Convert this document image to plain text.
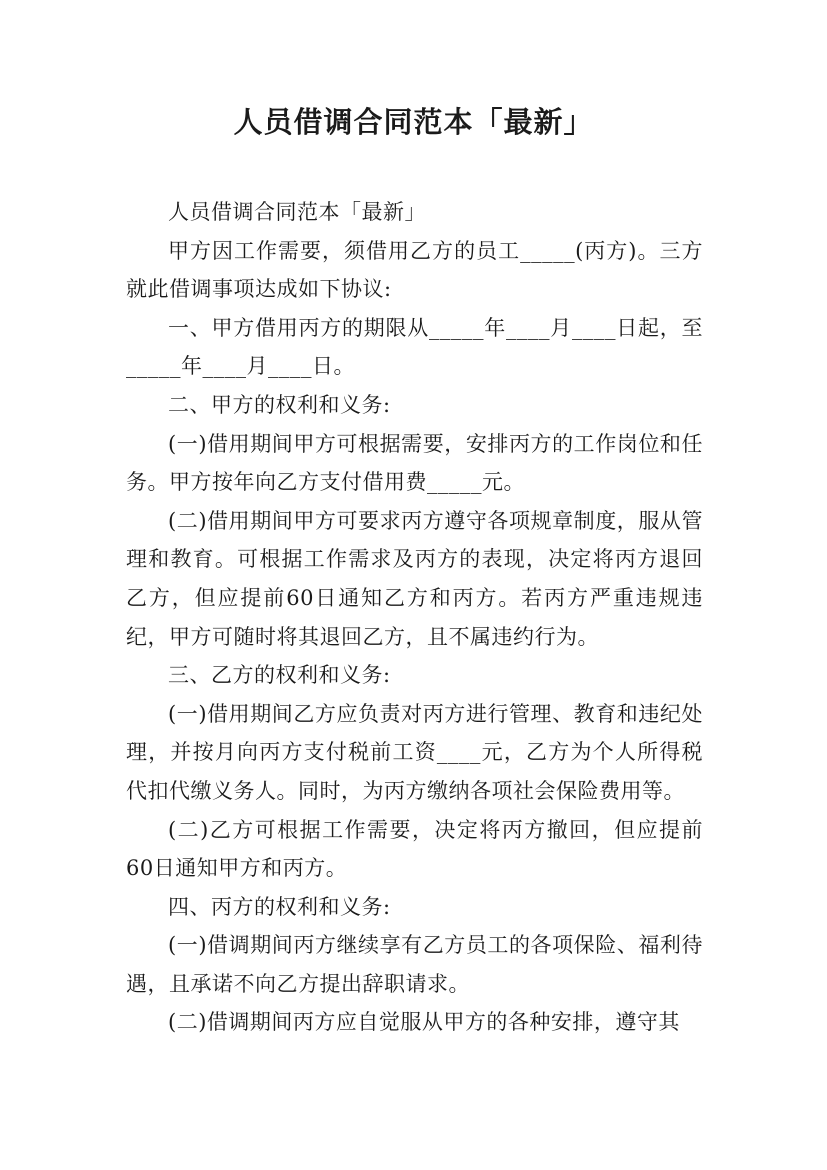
人员借调合同范本「最新」

人员借调合同范本「最新」

甲方因工作需要，须借用乙方的员工_____(丙方)。三方就此借调事项达成如下协议:

一、甲方借用丙方的期限从_____年____月____日起，至_____年____月____日。

二、甲方的权利和义务:

(一)借用期间甲方可根据需要，安排丙方的工作岗位和任务。甲方按年向乙方支付借用费_____元。

(二)借用期间甲方可要求丙方遵守各项规章制度，服从管理和教育。可根据工作需求及丙方的表现，决定将丙方退回乙方，但应提前60日通知乙方和丙方。若丙方严重违规违纪，甲方可随时将其退回乙方，且不属违约行为。

三、乙方的权利和义务:

(一)借用期间乙方应负责对丙方进行管理、教育和违纪处理，并按月向丙方支付税前工资____元，乙方为个人所得税代扣代缴义务人。同时，为丙方缴纳各项社会保险费用等。

(二)乙方可根据工作需要，决定将丙方撤回，但应提前60日通知甲方和丙方。

四、丙方的权利和义务:

(一)借调期间丙方继续享有乙方员工的各项保险、福利待遇，且承诺不向乙方提出辞职请求。

(二)借调期间丙方应自觉服从甲方的各种安排，遵守其
